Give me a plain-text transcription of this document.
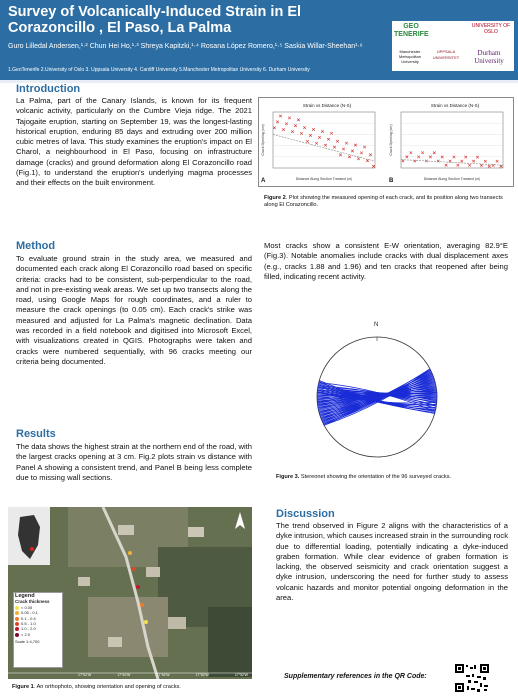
Survey of Volcanically-Induced Strain in El Corazoncillo , El Paso, La Palma
Guro Lilledal Andersen,¹·² Chun Hei Ho,¹·³ Shreya Kapitzki,¹·⁴ Rosana López Romero,¹·⁵ Saskia Willar-Sheehan¹·⁶
1.GeoTenerife 2.University of Oslo 3. Uppsala University 4. Cardiff University 5.Manchester Metropolitan University 6. Durham University
GEO TENERIFE
UNIVERSITY OF OSLO
Manchester Metropolitan University
UPPSALA UNIVERSITET
Durham University
Introduction
La Palma, part of the Canary Islands, is known for its frequent volcanic activity, particularly on the Cumbre Vieja ridge. The 2021 Tajogaite eruption, starting on September 19, was the longest-lasting historical eruption, enduring 85 days and extruding over 200 million cubic metres of lava. This study examines the eruption's impact on El Charol, a neighbourhood in El Paso, focusing on infrastructure damage (cracks) and ground deformation along El Corazoncillo road (Fig.1), to understand the eruption's underlying magma processes and their effects on the built environment.
Method
To evaluate ground strain in the study area, we measured and documented each crack along El Corazoncillo road based on specific criteria: cracks had to be consistent, sub-perpendicular to the road, and not in pre-existing weak areas. We set up two transects along the road, using Google Maps for rough coordinates, and a ruler to measure the crack openings (to 0.05 cm). Each crack's strike was measured and adjusted for La Palma's magnetic declination. Data was recorded in a field notebook and digitised into Microsoft Excel, with visualizations created in QGIS. Photographs were taken and cracks were numbered sequentially, with 96 cracks meeting our criteria being documented.
Results
The data shows the highest strain at the northern end of the road, with the largest cracks opening at 3 cm. Fig.2 plots strain vs distance with Panel A showing a consistent trend, and Panel B being less complete due to missing wall sections.
Legend
Crack thickness
< 0.05
0.05 - 0.1
0.1 - 0.5
0.5 - 1.0
1.0 - 2.0
> 2.0
Scale 1:4,700
17°52'W	17°52'W	17°52'W	17°52'W	17°52'W
Figure 1. An orthophoto, showing orientation and opening of cracks.
Strain vs Distance (N-S)
A	Distance Along Section Transect (m)
Crack Opening (cm)
Strain vs Distance (N-S)
B	Distance Along Section Transect (m)
Crack Opening (cm)
Figure 2. Plot showing the measured opening of each crack, and its position along two transects along El Corazoncillo.
Most cracks show a consistent E-W orientation, averaging 82.9°E (Fig.3). Notable anomalies include cracks with dual displacement axes (e.g., cracks 1.88 and 1.96) and ten cracks that reopened after being filled, indicating recent activity.
N
Figure 3. Stereonet showing the orientation of the 96 surveyed cracks.
Discussion
The trend observed in Figure 2 aligns with the characteristics of a dyke intrusion, which causes increased strain in the surrounding rock due to differential loading, potentially indicating a dyke-induced graben formation. While clear evidence of graben formation is lacking, the observed seismicity and crack orientation suggest a dyke intrusion, underscoring the need for further study to assess volcanic hazards and monitor potential ongoing deformation in the area.
Supplementary references in the QR Code:
